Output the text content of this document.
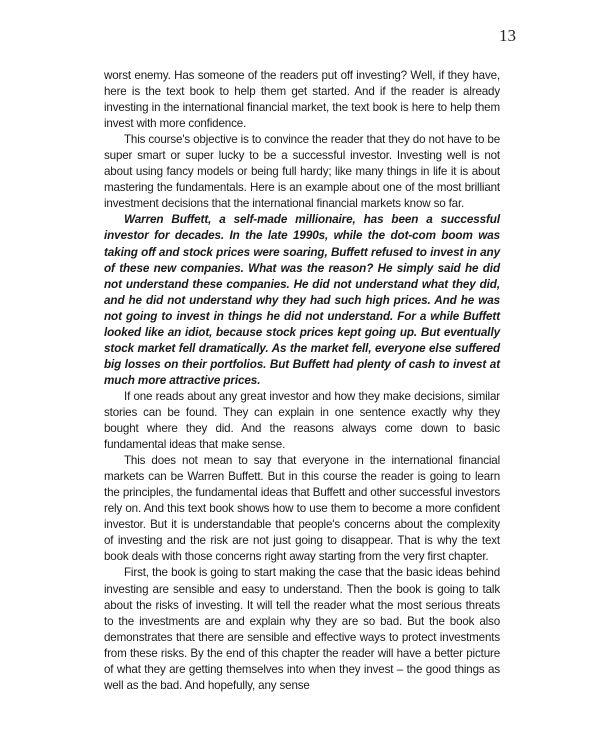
13

worst enemy. Has someone of the readers put off investing? Well, if they have, here is the text book to help them get started. And if the reader is already investing in the international financial market, the text book is here to help them invest with more confidence.

This course's objective is to convince the reader that they do not have to be super smart or super lucky to be a successful investor. Investing well is not about using fancy models or being full hardy; like many things in life it is about mastering the fundamentals. Here is an example about one of the most brilliant investment decisions that the international financial markets know so far.

Warren Buffett, a self-made millionaire, has been a successful investor for decades. In the late 1990s, while the dot-com boom was taking off and stock prices were soaring, Buffett refused to invest in any of these new companies. What was the reason? He simply said he did not understand these companies. He did not understand what they did, and he did not understand why they had such high prices. And he was not going to invest in things he did not understand. For a while Buffett looked like an idiot, because stock prices kept going up. But eventually stock market fell dramatically. As the market fell, everyone else suffered big losses on their portfolios. But Buffett had plenty of cash to invest at much more attractive prices.

If one reads about any great investor and how they make decisions, similar stories can be found. They can explain in one sentence exactly why they bought where they did. And the reasons always come down to basic fundamental ideas that make sense.

This does not mean to say that everyone in the international financial markets can be Warren Buffett. But in this course the reader is going to learn the principles, the fundamental ideas that Buffett and other successful investors rely on. And this text book shows how to use them to become a more confident investor. But it is understandable that people's concerns about the complexity of investing and the risk are not just going to disappear. That is why the text book deals with those concerns right away starting from the very first chapter.

First, the book is going to start making the case that the basic ideas behind investing are sensible and easy to understand. Then the book is going to talk about the risks of investing. It will tell the reader what the most serious threats to the investments are and explain why they are so bad. But the book also demonstrates that there are sensible and effective ways to protect investments from these risks. By the end of this chapter the reader will have a better picture of what they are getting themselves into when they invest – the good things as well as the bad. And hopefully, any sense
